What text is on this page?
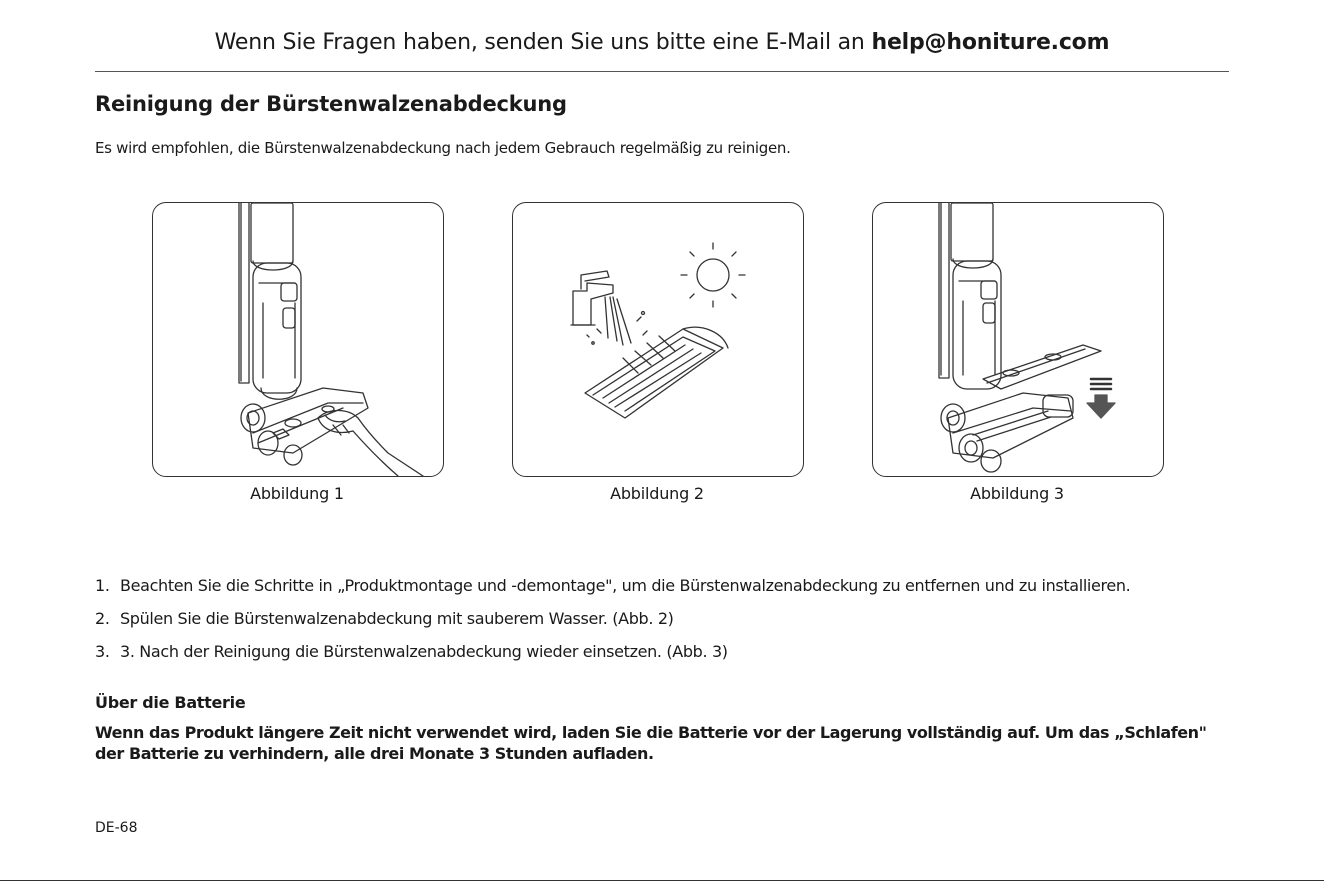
Wenn Sie Fragen haben, senden Sie uns bitte eine E-Mail an help@honiture.com
Reinigung der Bürstenwalzenabdeckung
Es wird empfohlen, die Bürstenwalzenabdeckung nach jedem Gebrauch regelmäßig zu reinigen.
Abbildung 1	Abbildung 2	Abbildung 3
1. Beachten Sie die Schritte in „Produktmontage und -demontage", um die Bürstenwalzenabdeckung zu entfernen und zu installieren.
2. Spülen Sie die Bürstenwalzenabdeckung mit sauberem Wasser. (Abb. 2)
3. 3. Nach der Reinigung die Bürstenwalzenabdeckung wieder einsetzen. (Abb. 3)
Über die Batterie
Wenn das Produkt längere Zeit nicht verwendet wird, laden Sie die Batterie vor der Lagerung vollständig auf. Um das „Schlafen" der Batterie zu verhindern, alle drei Monate 3 Stunden aufladen.
DE-68
